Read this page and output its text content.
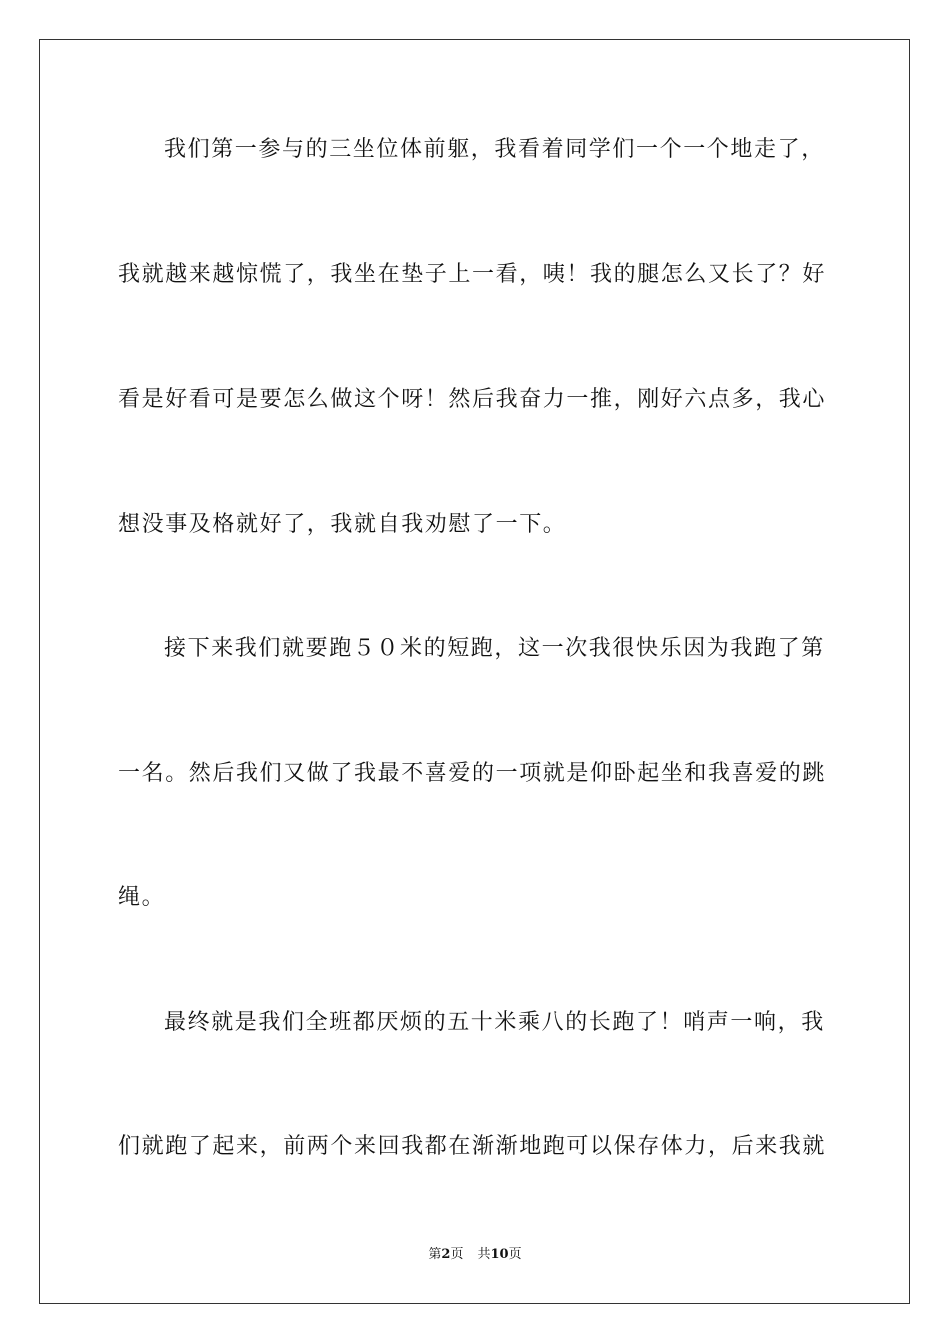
我们第一参与的三坐位体前躯，我看着同学们一个一个地走了，
我就越来越惊慌了，我坐在垫子上一看，咦！我的腿怎么又长了？好
看是好看可是要怎么做这个呀！然后我奋力一推，刚好六点多，我心
想没事及格就好了，我就自我劝慰了一下。
接下来我们就要跑５０米的短跑，这一次我很快乐因为我跑了第
一名。然后我们又做了我最不喜爱的一项就是仰卧起坐和我喜爱的跳
绳。
最终就是我们全班都厌烦的五十米乘八的长跑了！哨声一响，我
们就跑了起来，前两个来回我都在渐渐地跑可以保存体力，后来我就
第2页 共10页
